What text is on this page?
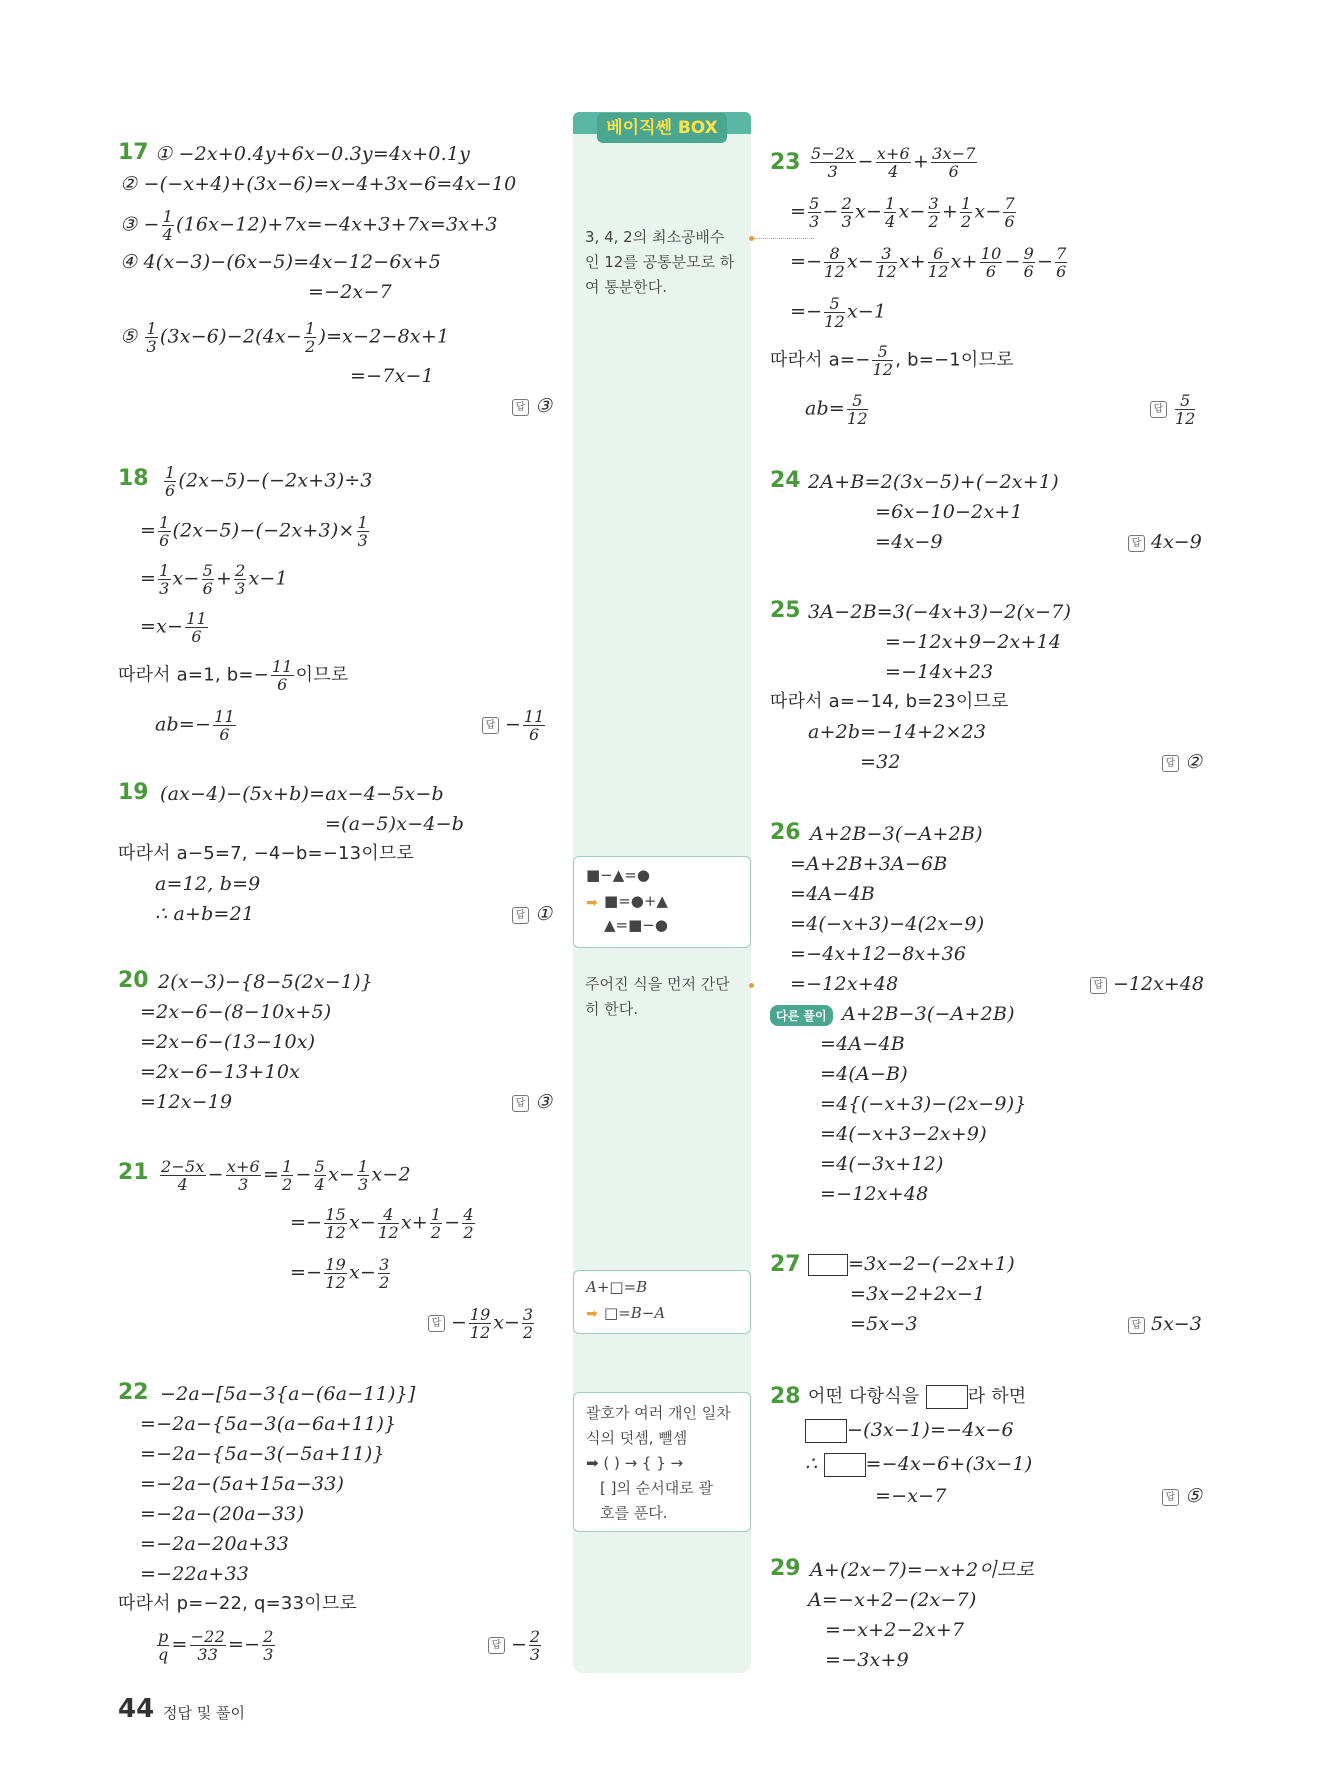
베이직쎈 BOX
3, 4, 2의 최소공배수
인 12를 공통분모로 하
여 통분한다.
■−▲=●
■=●+▲
▲=■−●
➡
주어진 식을 먼저 간단
히 한다.
A+□=B
□=B−A
➡
괄호가 여러 개인 일차
식의 덧셈, 뺄셈
➡ ( ) → { } →
[ ]의 순서대로 괄
호를 푼다.
17 ① −2x+0.4y+6x−0.3y=4x+0.1y
② −(−x+4)+(3x−6)=x−4+3x−6=4x−10
③ − $\frac{1}{4} (16x-12)+7x=-4x+3+7x=3x+3$
④ 4(x−3)−(6x−5)=4x−12−6x+5
=−2x−7
⑤ $\frac{1}{3} (3x-6)-2(4x- \frac{1}{2} )=x-2-8x+1$
=−7x−1
답 ③
$18 \frac{1}{6} (2x-5)-(-2x+3)\div 3$
= $\frac{1}{6} (2x-5)-(-2x+3)\times \frac{1}{3}$
= $\frac{1}{3} x- \frac{5}{6} + \frac{2}{3} x-1$
$=x- \frac{11}{6}$
따라서 a=1, $b=- \frac{11}{6}$ 이므로
$ab=- \frac{11}{6}$	답 − $\frac{11}{6}$
19 (ax−4)−(5x+b)=ax−4−5x−b
=(a−5)x−4−b
따라서 a−5=7, −4−b=−13이므로
a=12, b=9
∴ a+b=21	답 ①
20 2(x−3)−{8−5(2x−1)}
=2x−6−(8−10x+5)
=2x−6−(13−10x)
=2x−6−13+10x
=12x−19	답 ③
$21 \frac{2-5x}{4} - \frac{x+6}{3} = \frac{1}{2} - \frac{5}{4} x- \frac{1}{3} x-2$
=− $\frac{15}{12} x- \frac{4}{12} x+ \frac{1}{2} - \frac{4}{2}$
=− $\frac{19}{12} x- \frac{3}{2}$
답 − $\frac{19}{12} x- \frac{3}{2}$
22 −2a−[5a−3{a−(6a−11)}]
=−2a−{5a−3(a−6a+11)}
=−2a−{5a−3(−5a+11)}
=−2a−(5a+15a−33)
=−2a−(20a−33)
=−2a−20a+33
=−22a+33
따라서 p=−22, q=33이므로
$\frac{p}{q} = \frac{-22}{33} =- \frac{2}{3}$	답 − $\frac{2}{3}$
$23 \frac{5-2x}{3} - \frac{x+6}{4} + \frac{3x-7}{6}$
= $\frac{5}{3} - \frac{2}{3} x- \frac{1}{4} x- \frac{3}{2} + \frac{1}{2} x- \frac{7}{6}$
=− $\frac{8}{12} x- \frac{3}{12} x+ \frac{6}{12} x+ \frac{10}{6} - \frac{9}{6} - \frac{7}{6}$
=− $\frac{5}{12} x-1$
따라서 $a=- \frac{5}{12}$ , b=−1이므로
$ab= \frac{5}{12}$	답 $\frac{5}{12}$
24 2A+B=2(3x−5)+(−2x+1)
=6x−10−2x+1
=4x−9	답 4x−9
25 3A−2B=3(−4x+3)−2(x−7)
=−12x+9−2x+14
=−14x+23
따라서 a=−14, b=23이므로
a+2b=−14+2×23
=32	답 ②
26 A+2B−3(−A+2B)
=A+2B+3A−6B
=4A−4B
=4(−x+3)−4(2x−9)
=−4x+12−8x+36
=−12x+48	답 −12x+48
다른 풀이 A+2B−3(−A+2B)
=4A−4B
=4(A−B)
=4{(−x+3)−(2x−9)}
=4(−x+3−2x+9)
=4(−3x+12)
=−12x+48
27	=3x−2−(−2x+1)
=3x−2+2x−1
=5x−3	답 5x−3
28 어떤 다항식을	라 하면
−(3x−1)=−4x−6
∴ =−4x−6+(3x−1)
=−x−7	답 ⑤
29 A+(2x−7)=−x+2이므로
A=−x+2−(2x−7)
=−x+2−2x+7
=−3x+9
44 정답 및 풀이
